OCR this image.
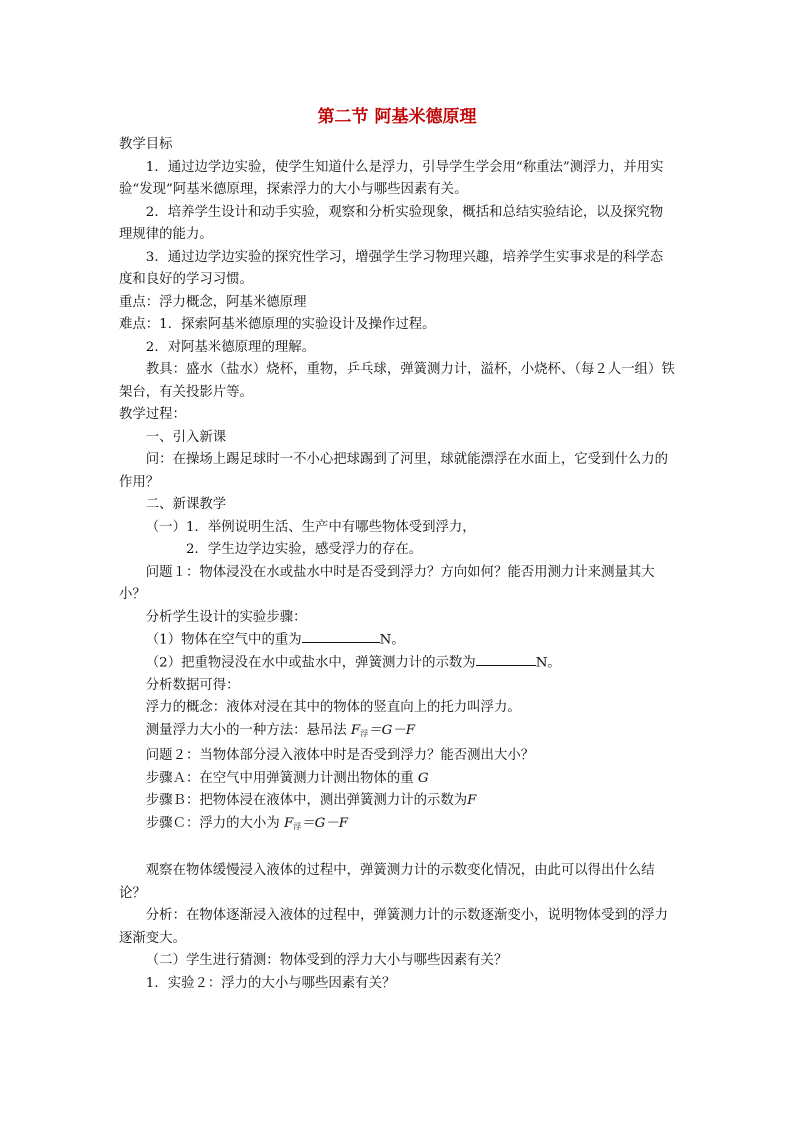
第二节 阿基米德原理

教学目标

1．通过边学边实验，使学生知道什么是浮力，引导学生学会用“称重法”测浮力，并用实验“发现”阿基米德原理，探索浮力的大小与哪些因素有关。

2．培养学生设计和动手实验，观察和分析实验现象，概括和总结实验结论，以及探究物理规律的能力。

3．通过边学边实验的探究性学习，增强学生学习物理兴趣，培养学生实事求是的科学态度和良好的学习习惯。

重点：浮力概念，阿基米德原理

难点：1．探索阿基米德原理的实验设计及操作过程。

2．对阿基米德原理的理解。

教具：盛水（盐水）烧杯，重物，乒乓球，弹簧测力计，溢杯，小烧杯、（每２人一组）铁架台，有关投影片等。

教学过程：

一、引入新课

问：在操场上踢足球时一不小心把球踢到了河里，球就能漂浮在水面上，它受到什么力的作用？

二、新课教学

（一）1．举例说明生活、生产中有哪些物体受到浮力，

2．学生边学边实验，感受浮力的存在。

问题１：物体浸没在水或盐水中时是否受到浮力？方向如何？能否用测力计来测量其大小？

分析学生设计的实验步骤：

（1）物体在空气中的重为	N。

（2）把重物浸没在水中或盐水中，弹簧测力计的示数为	N。

分析数据可得：

浮力的概念：液体对浸在其中的物体的竖直向上的托力叫浮力。

测量浮力大小的一种方法：悬吊法 $F_浮=G-F$

问题２：当物体部分浸入液体中时是否受到浮力？能否测出大小？

步骤Ａ：在空气中用弹簧测力计测出物体的重 G

步骤Ｂ：把物体浸在液体中，测出弹簧测力计的示数为F

步骤Ｃ：浮力的大小为 $F_浮=G-F$

观察在物体缓慢浸入液体的过程中，弹簧测力计的示数变化情况，由此可以得出什么结论？

分析：在物体逐渐浸入液体的过程中，弹簧测力计的示数逐渐变小，说明物体受到的浮力逐渐变大。

（二）学生进行猜测：物体受到的浮力大小与哪些因素有关？

1．实验２：浮力的大小与哪些因素有关？
